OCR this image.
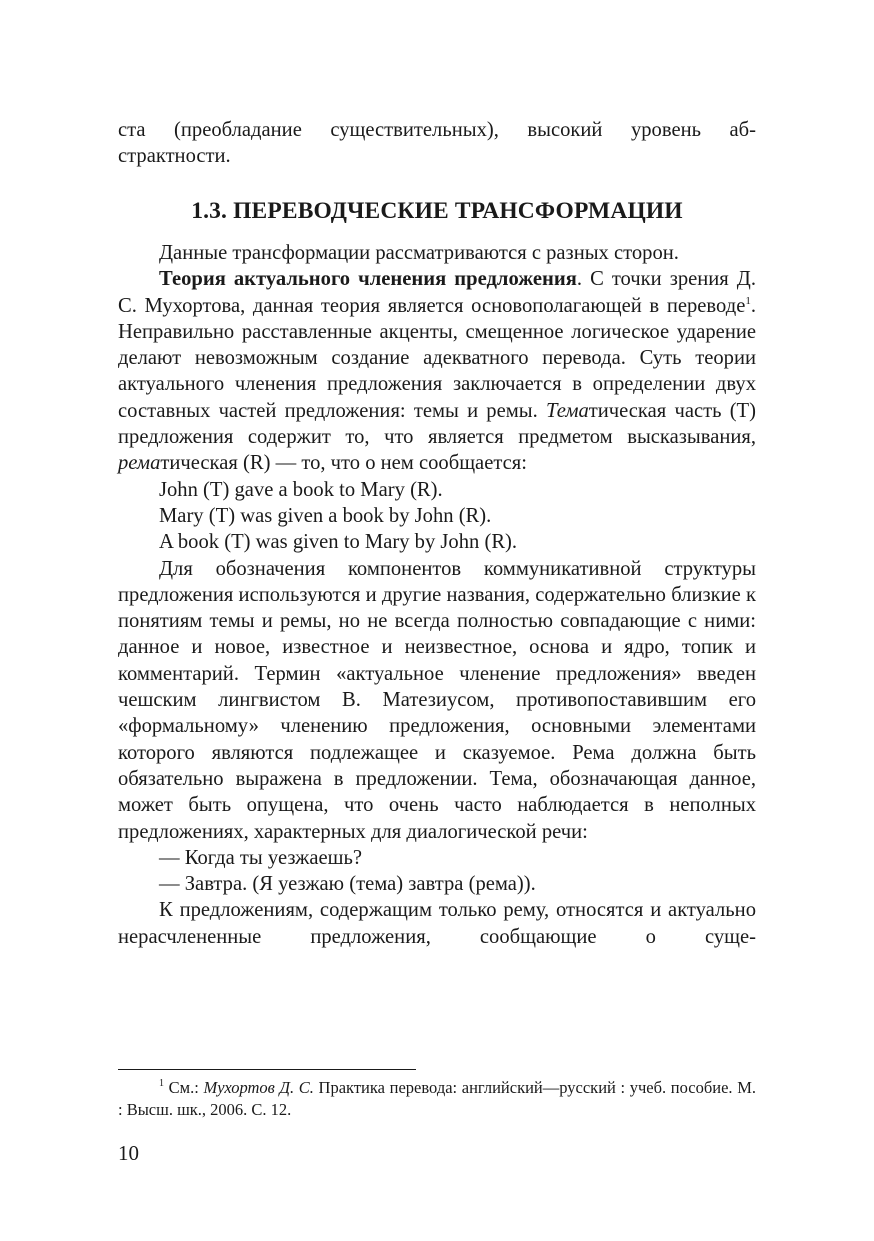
ста (преобладание существительных), высокий уровень аб-

страктности.

1.3. ПЕРЕВОДЧЕСКИЕ ТРАНСФОРМАЦИИ

Данные трансформации рассматриваются с разных сторон.

Теория актуального членения предложения. С точки зрения Д. С. Мухортова, данная теория является основополагающей в переводе$^1$. Неправильно расставленные акценты, смещенное логическое ударение делают невозможным создание адекватного перевода. Суть теории актуального членения предложения заключается в определении двух составных частей предложения: темы и ремы. Тематическая часть (Т) предложения содержит то, что является предметом высказывания, рематическая (R) — то, что о нем сообщается:

John (T) gave a book to Mary (R).

Mary (T) was given a book by John (R).

A book (T) was given to Mary by John (R).

Для обозначения компонентов коммуникативной структуры предложения используются и другие названия, содержательно близкие к понятиям темы и ремы, но не всегда полностью совпадающие с ними: данное и новое, известное и неизвестное, основа и ядро, топик и комментарий. Термин «актуальное членение предложения» введен чешским лингвистом В. Матезиусом, противопоставившим его «формальному» членению предложения, основными элементами которого являются подлежащее и сказуемое. Рема должна быть обязательно выражена в предложении. Тема, обозначающая данное, может быть опущена, что очень часто наблюдается в неполных предложениях, характерных для диалогической речи:

— Когда ты уезжаешь?

— Завтра. (Я уезжаю (тема) завтра (рема)).

К предложениям, содержащим только рему, относятся и актуально нерасчлененные предложения, сообщающие о суще-

$^1$ См.: Мухортов Д. С. Практика перевода: английский—русский : учеб. пособие. М. : Высш. шк., 2006. С. 12.

10
